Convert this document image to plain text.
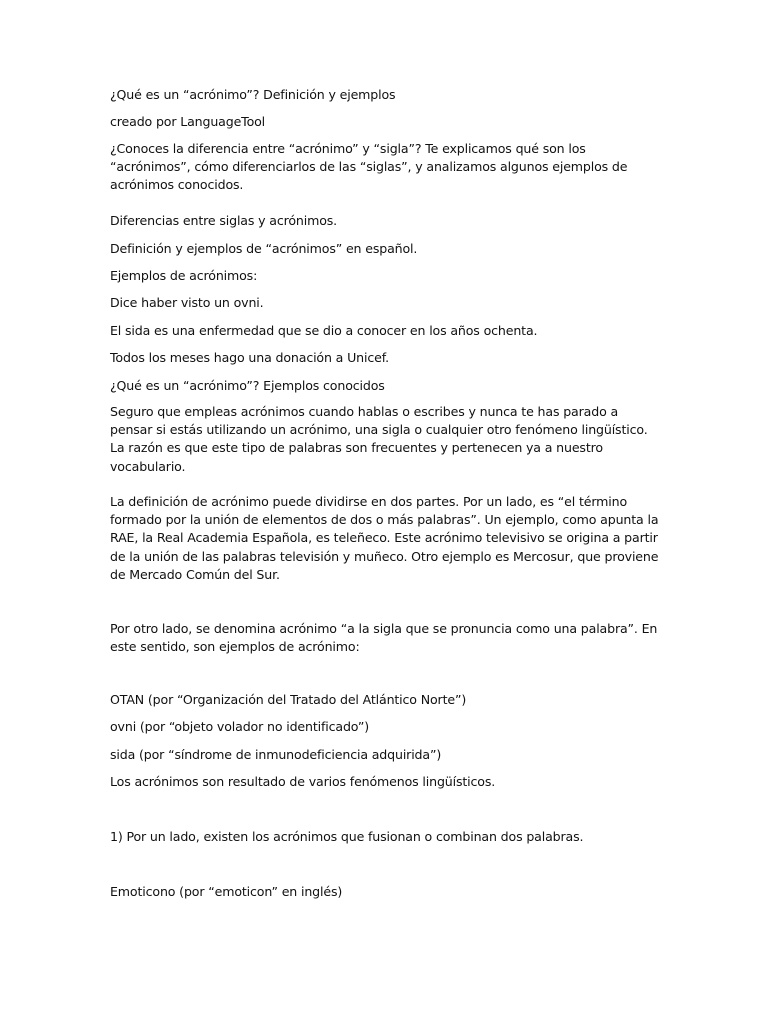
¿Qué es un “acrónimo”? Definición y ejemplos

creado por LanguageTool

¿Conoces la diferencia entre “acrónimo” y “sigla”? Te explicamos qué son los “acrónimos”, cómo diferenciarlos de las “siglas”, y analizamos algunos ejemplos de acrónimos conocidos.

Diferencias entre siglas y acrónimos.

Definición y ejemplos de “acrónimos” en español.

Ejemplos de acrónimos:

Dice haber visto un ovni.

El sida es una enfermedad que se dio a conocer en los años ochenta.

Todos los meses hago una donación a Unicef.

¿Qué es un “acrónimo”? Ejemplos conocidos

Seguro que empleas acrónimos cuando hablas o escribes y nunca te has parado a pensar si estás utilizando un acrónimo, una sigla o cualquier otro fenómeno lingüístico. La razón es que este tipo de palabras son frecuentes y pertenecen ya a nuestro vocabulario.

La definición de acrónimo puede dividirse en dos partes. Por un lado, es “el término formado por la unión de elementos de dos o más palabras”. Un ejemplo, como apunta la RAE, la Real Academia Española, es teleñeco. Este acrónimo televisivo se origina a partir de la unión de las palabras televisión y muñeco. Otro ejemplo es Mercosur, que proviene de Mercado Común del Sur.

Por otro lado, se denomina acrónimo “a la sigla que se pronuncia como una palabra”. En este sentido, son ejemplos de acrónimo:

OTAN (por “Organización del Tratado del Atlántico Norte”)

ovni (por “objeto volador no identificado”)

sida (por “síndrome de inmunodeficiencia adquirida”)

Los acrónimos son resultado de varios fenómenos lingüísticos.

1) Por un lado, existen los acrónimos que fusionan o combinan dos palabras.

Emoticono (por “emoticon” en inglés)
